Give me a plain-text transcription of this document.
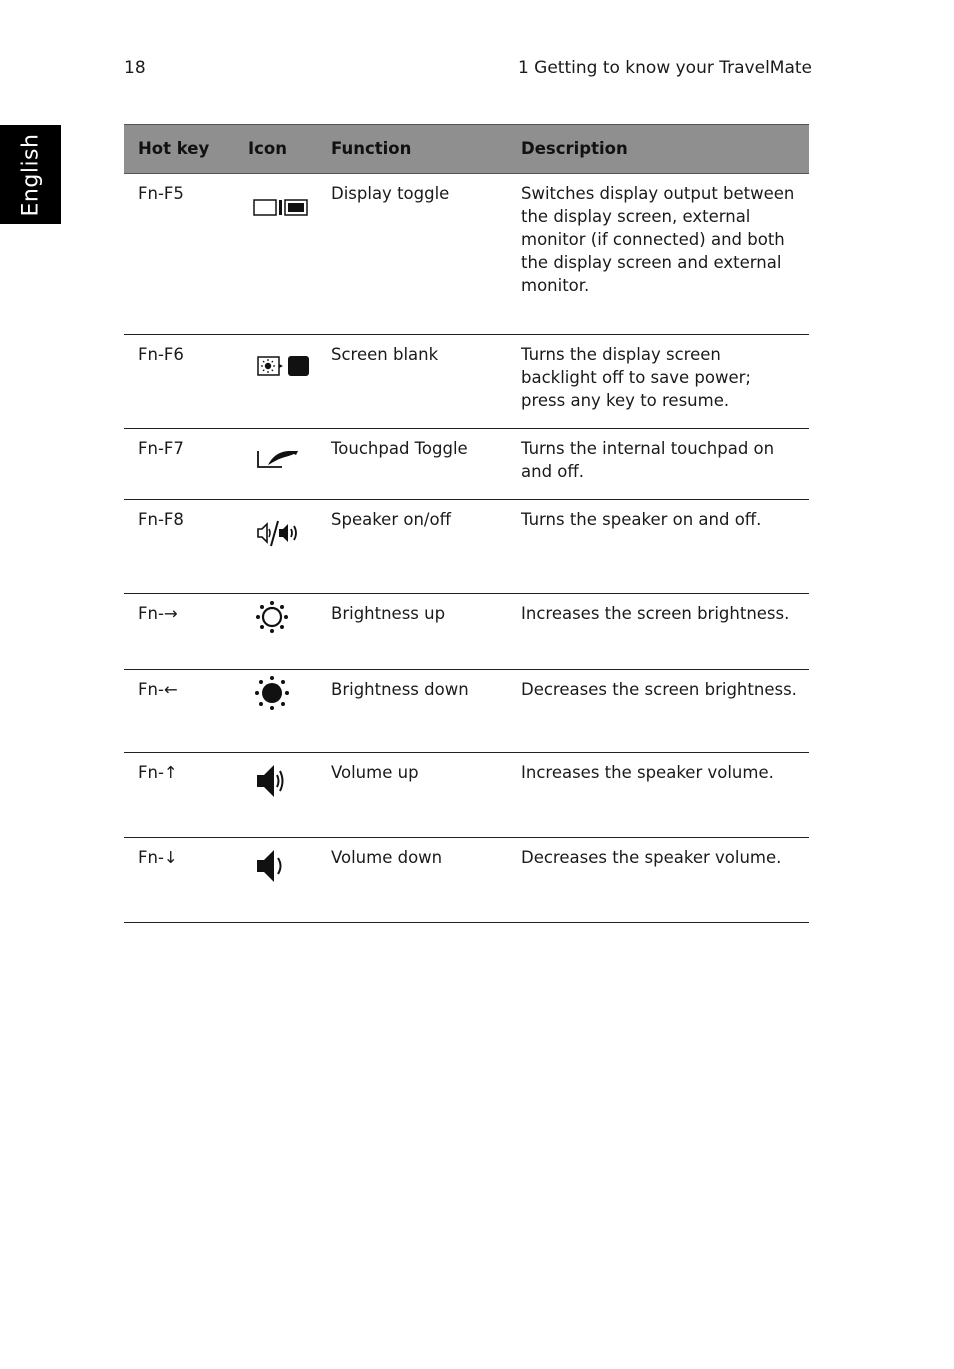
18	1 Getting to know your TravelMate
English	Hot key	Icon	Function	Description
Fn-F5		Display toggle	Switches display output between the display screen, external monitor (if connected) and both the display screen and external monitor.
Fn-F6		Screen blank	Turns the display screen backlight off to save power; press any key to resume.
Fn-F7		Touchpad Toggle	Turns the internal touchpad on and off.
Fn-F8		Speaker on/off	Turns the speaker on and off.
Fn-→		Brightness up	Increases the screen brightness.
Fn-←		Brightness down	Decreases the screen brightness.
Fn-↑		Volume up	Increases the speaker volume.
Fn-↓		Volume down	Decreases the speaker volume.
